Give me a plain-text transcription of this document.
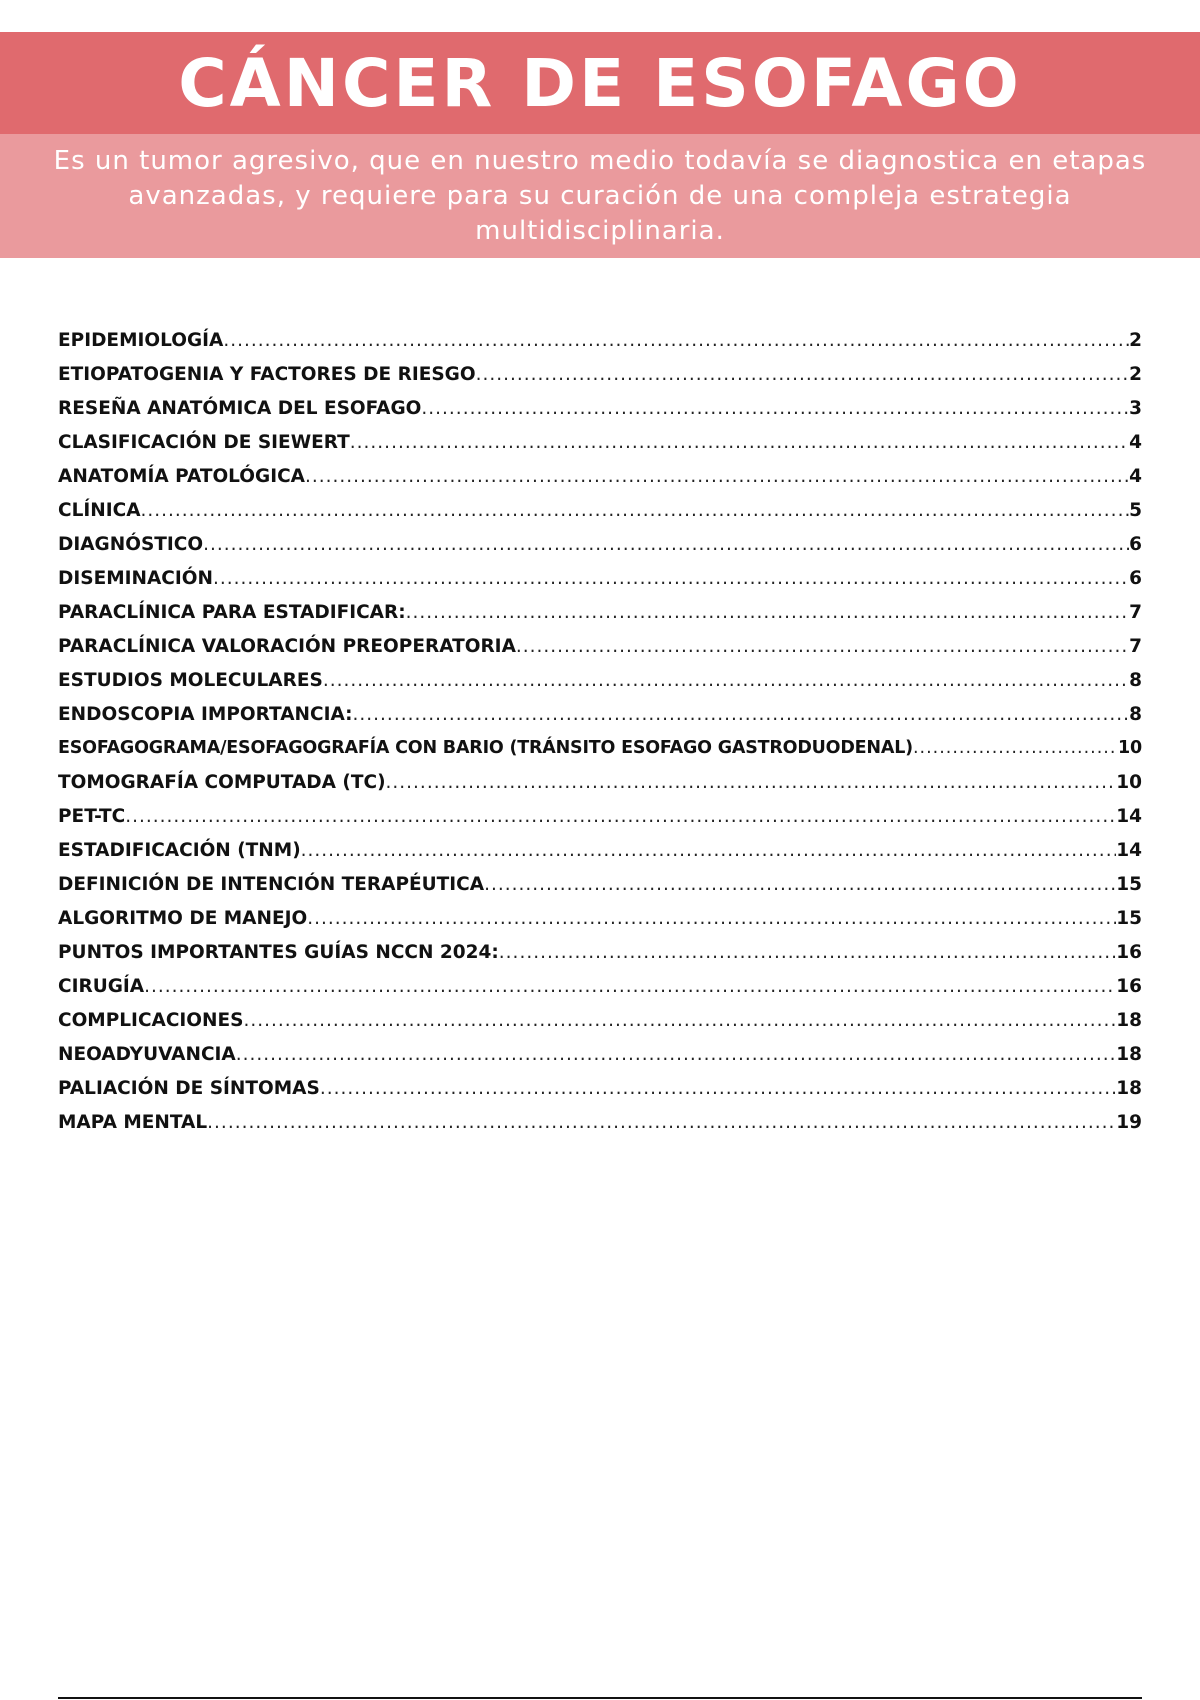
CÁNCER DE ESOFAGO

Es un tumor agresivo, que en nuestro medio todavía se diagnostica en etapas avanzadas, y requiere para su curación de una compleja estrategia multidisciplinaria.

EPIDEMIOLOGÍA .....	2
ETIOPATOGENIA Y FACTORES DE RIESGO .....	2
RESEÑA ANATÓMICA DEL ESOFAGO .....	3
CLASIFICACIÓN DE SIEWERT .....	4
ANATOMÍA PATOLÓGICA .....	4
CLÍNICA .....	5
DIAGNÓSTICO .....	6
DISEMINACIÓN .....	6
PARACLÍNICA PARA ESTADIFICAR: .....	7
PARACLÍNICA VALORACIÓN PREOPERATORIA .....	7
ESTUDIOS MOLECULARES .....	8
ENDOSCOPIA IMPORTANCIA: .....	8
ESOFAGOGRAMA/ESOFAGOGRAFÍA CON BARIO (TRÁNSITO ESOFAGO GASTRODUODENAL) .....	10
TOMOGRAFÍA COMPUTADA (TC) .....	10
PET-TC .....	14
ESTADIFICACIÓN (TNM) .....	14
DEFINICIÓN DE INTENCIÓN TERAPÉUTICA .....	15
ALGORITMO DE MANEJO .....	15
PUNTOS IMPORTANTES GUÍAS NCCN 2024: .....	16
CIRUGÍA .....	16
COMPLICACIONES .....	18
NEOADYUVANCIA .....	18
PALIACIÓN DE SÍNTOMAS .....	18
MAPA MENTAL .....	19
